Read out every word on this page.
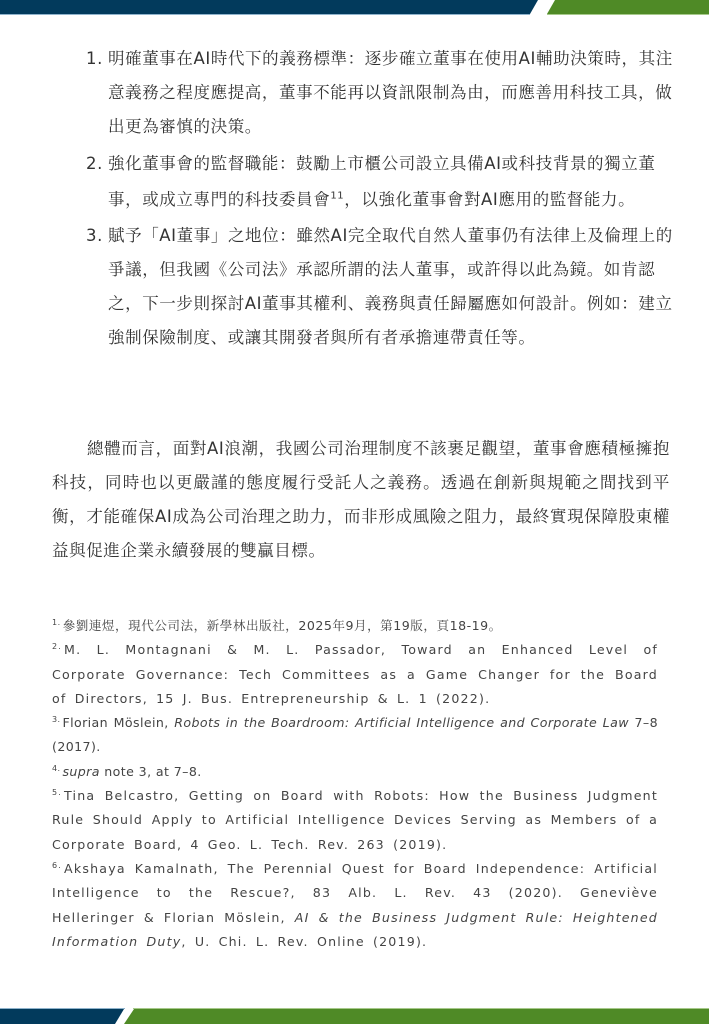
1. 明確董事在AI時代下的義務標準：逐步確立董事在使用AI輔助決策時，其注意義務之程度應提高，董事不能再以資訊限制為由，而應善用科技工具，做出更為審慎的決策。
2. 強化董事會的監督職能：鼓勵上市櫃公司設立具備AI或科技背景的獨立董事，或成立專門的科技委員會$^{11}$，以強化董事會對AI應用的監督能力。
3. 賦予「AI董事」之地位：雖然AI完全取代自然人董事仍有法律上及倫理上的爭議，但我國《公司法》承認所謂的法人董事，或許得以此為鏡。如肯認之，下一步則探討AI董事其權利、義務與責任歸屬應如何設計。例如：建立強制保險制度、或讓其開發者與所有者承擔連帶責任等。

總體而言，面對AI浪潮，我國公司治理制度不該裹足觀望，董事會應積極擁抱科技，同時也以更嚴謹的態度履行受託人之義務。透過在創新與規範之間找到平衡，才能確保AI成為公司治理之助力，而非形成風險之阻力，最終實現保障股東權益與促進企業永續發展的雙贏目標。

$^{1.}$ 參劉連煜，現代公司法，新學林出版社，2025年9月，第19版，頁18-19。

$^{2.}$ M. L. Montagnani & M. L. Passador, Toward an Enhanced Level of Corporate Governance: Tech Committees as a Game Changer for the Board of Directors, 15 J. Bus. Entrepreneurship & L. 1 (2022).

$^{3.}$ Florian Möslein, Robots in the Boardroom: Artificial Intelligence and Corporate Law 7–8 (2017).

$^{4.}$ supra note 3, at 7–8.

$^{5.}$ Tina Belcastro, Getting on Board with Robots: How the Business Judgment Rule Should Apply to Artificial Intelligence Devices Serving as Members of a Corporate Board, 4 Geo. L. Tech. Rev. 263 (2019).

$^{6.}$ Akshaya Kamalnath, The Perennial Quest for Board Independence: Artificial Intelligence to the Rescue?, 83 Alb. L. Rev. 43 (2020). Geneviève Helleringer & Florian Möslein, AI & the Business Judgment Rule: Heightened Information Duty, U. Chi. L. Rev. Online (2019).
